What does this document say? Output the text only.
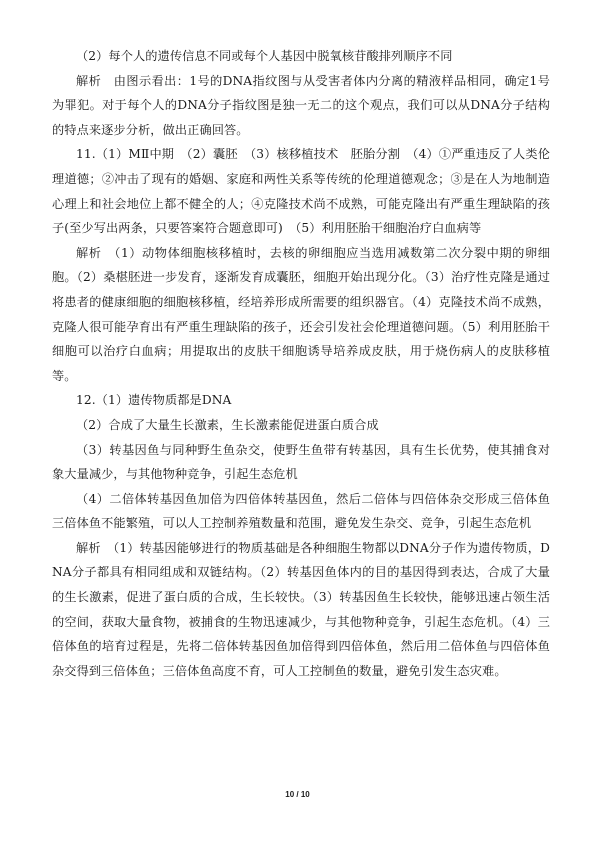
（2）每个人的遗传信息不同或每个人基因中脱氧核苷酸排列顺序不同

解析　由图示看出：1号的DNA指纹图与从受害者体内分离的精液样品相同，确定1号为罪犯。对于每个人的DNA分子指纹图是独一无二的这个观点，我们可以从DNA分子结构的特点来逐步分析，做出正确回答。

11.（1）MⅡ中期　（2）囊胚　（3）核移植技术　胚胎分割　（4）①严重违反了人类伦理道德；②冲击了现有的婚姻、家庭和两性关系等传统的伦理道德观念；③是在人为地制造心理上和社会地位上都不健全的人；④克隆技术尚不成熟，可能克隆出有严重生理缺陷的孩子(至少写出两条，只要答案符合题意即可)　（5）利用胚胎干细胞治疗白血病等

解析　（1）动物体细胞核移植时，去核的卵细胞应当选用减数第二次分裂中期的卵细胞。（2）桑椹胚进一步发育，逐渐发育成囊胚，细胞开始出现分化。（3）治疗性克隆是通过将患者的健康细胞的细胞核移植，经培养形成所需要的组织器官。（4）克隆技术尚不成熟，克隆人很可能孕育出有严重生理缺陷的孩子，还会引发社会伦理道德问题。（5）利用胚胎干细胞可以治疗白血病；用提取出的皮肤干细胞诱导培养成皮肤，用于烧伤病人的皮肤移植等。

12.（1）遗传物质都是DNA

（2）合成了大量生长激素，生长激素能促进蛋白质合成

（3）转基因鱼与同种野生鱼杂交，使野生鱼带有转基因，具有生长优势，使其捕食对象大量减少，与其他物种竞争，引起生态危机

（4）二倍体转基因鱼加倍为四倍体转基因鱼，然后二倍体与四倍体杂交形成三倍体鱼三倍体鱼不能繁殖，可以人工控制养殖数量和范围，避免发生杂交、竞争，引起生态危机

解析　（1）转基因能够进行的物质基础是各种细胞生物都以DNA分子作为遗传物质，DNA分子都具有相同组成和双链结构。（2）转基因鱼体内的目的基因得到表达，合成了大量的生长激素，促进了蛋白质的合成，生长较快。（3）转基因鱼生长较快，能够迅速占领生活的空间，获取大量食物，被捕食的生物迅速减少，与其他物种竞争，引起生态危机。（4）三倍体鱼的培育过程是，先将二倍体转基因鱼加倍得到四倍体鱼，然后用二倍体鱼与四倍体鱼杂交得到三倍体鱼；三倍体鱼高度不育，可人工控制鱼的数量，避免引发生态灾难。

10 / 10
